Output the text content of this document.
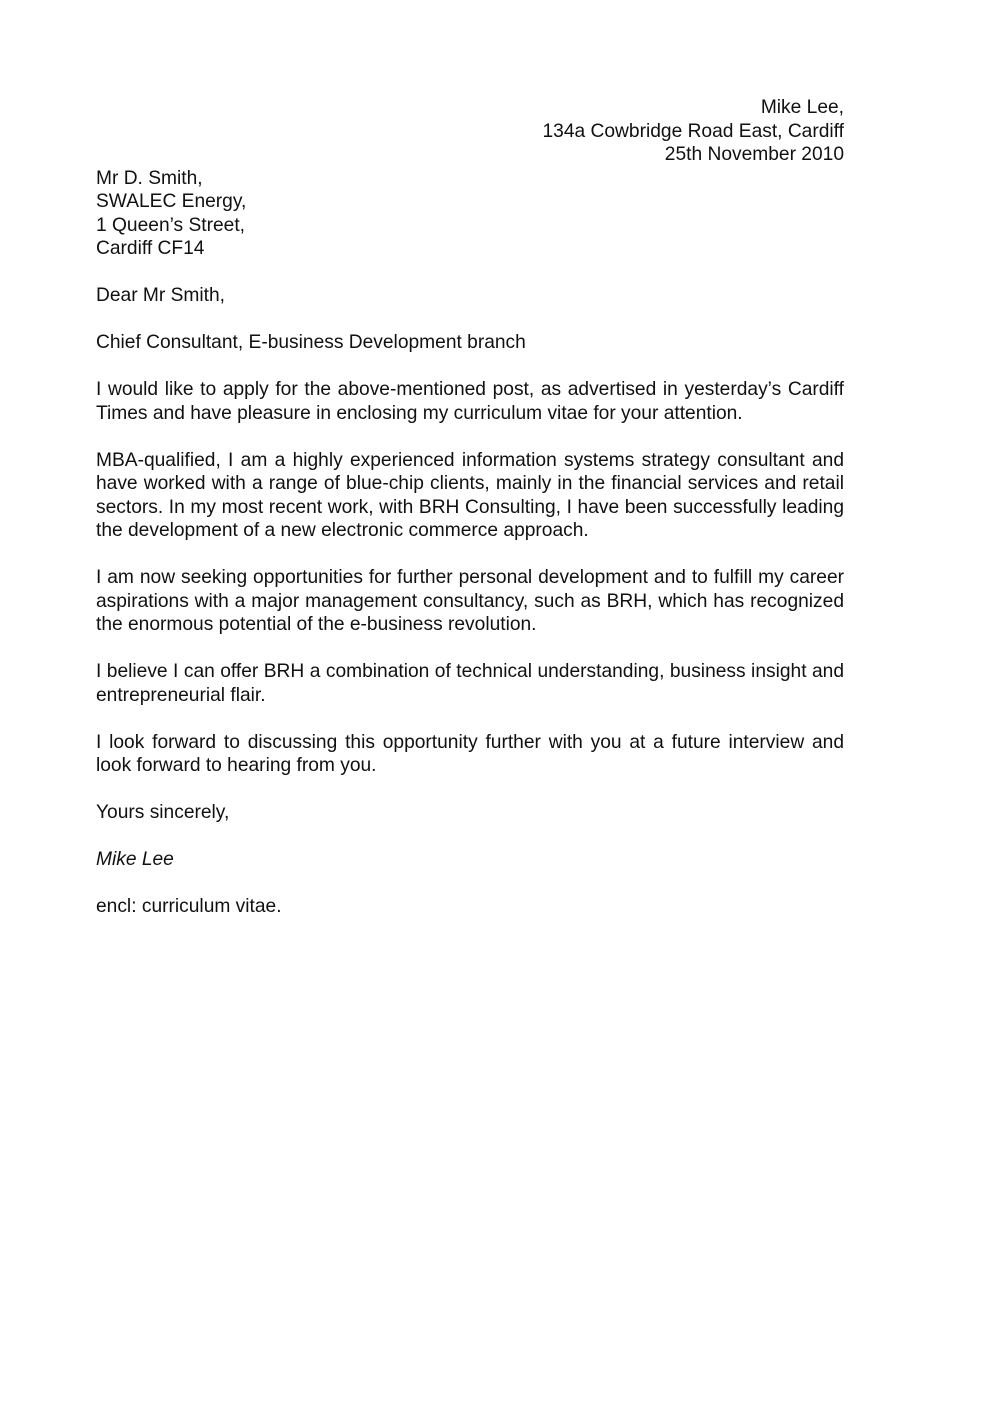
Mike Lee,
134a Cowbridge Road East, Cardiff
25th November 2010
Mr D. Smith,
SWALEC Energy,
1 Queen’s Street,
Cardiff CF14
Dear Mr Smith,
Chief Consultant, E-business Development branch
I would like to apply for the above-mentioned post, as advertised in yesterday’s Cardiff Times and have pleasure in enclosing my curriculum vitae for your attention.
MBA-qualified, I am a highly experienced information systems strategy consultant and have worked with a range of blue-chip clients, mainly in the financial services and retail sectors. In my most recent work, with BRH Consulting, I have been successfully leading the development of a new electronic commerce approach.
I am now seeking opportunities for further personal development and to fulfill my career aspirations with a major management consultancy, such as BRH, which has recognized the enormous potential of the e-business revolution.
I believe I can offer BRH a combination of technical understanding, business insight and entrepreneurial flair.
I look forward to discussing this opportunity further with you at a future interview and look forward to hearing from you.
Yours sincerely,
Mike Lee
encl: curriculum vitae.
